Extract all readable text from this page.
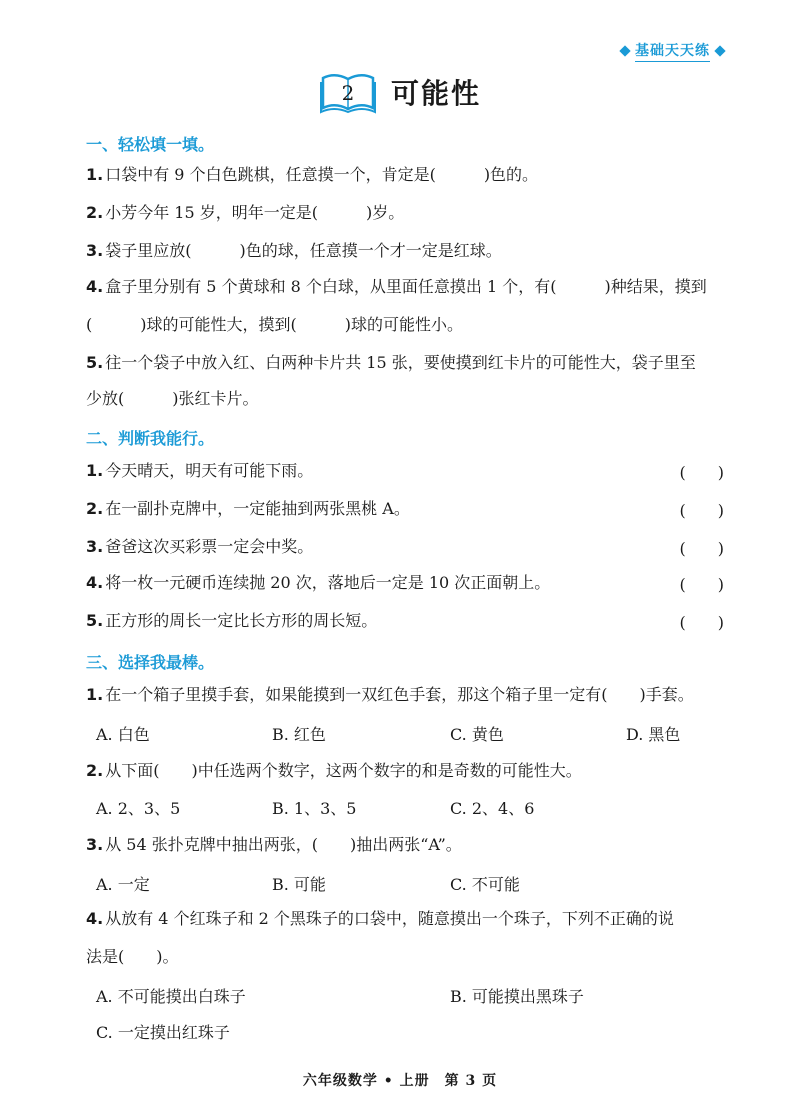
基础天天练
2 可能性
一、轻松填一填。
1. 口袋中有 9 个白色跳棋，任意摸一个，肯定是(　　　)色的。
2. 小芳今年 15 岁，明年一定是(　　　)岁。
3. 袋子里应放(　　　)色的球，任意摸一个才一定是红球。
4. 盒子里分别有 5 个黄球和 8 个白球，从里面任意摸出 1 个，有(　　　)种结果，摸到
(　　　)球的可能性大，摸到(　　　)球的可能性小。
5. 往一个袋子中放入红、白两种卡片共 15 张，要使摸到红卡片的可能性大，袋子里至
少放(　　　)张红卡片。
二、判断我能行。
1. 今天晴天，明天有可能下雨。	(　　)
2. 在一副扑克牌中，一定能抽到两张黑桃 A。	(　　)
3. 爸爸这次买彩票一定会中奖。	(　　)
4. 将一枚一元硬币连续抛 20 次，落地后一定是 10 次正面朝上。	(　　)
5. 正方形的周长一定比长方形的周长短。	(　　)
三、选择我最棒。
1. 在一个箱子里摸手套，如果能摸到一双红色手套，那这个箱子里一定有(　　)手套。
A. 白色	B. 红色	C. 黄色	D. 黑色
2. 从下面(　　)中任选两个数字，这两个数字的和是奇数的可能性大。
A. 2、3、5	B. 1、3、5	C. 2、4、6
3. 从 54 张扑克牌中抽出两张，(　　)抽出两张“A”。
A. 一定	B. 可能	C. 不可能
4. 从放有 4 个红珠子和 2 个黑珠子的口袋中，随意摸出一个珠子，下列不正确的说
法是(　　)。
A. 不可能摸出白珠子	B. 可能摸出黑珠子
C. 一定摸出红珠子
六年级数学 • 上册　第 3 页
